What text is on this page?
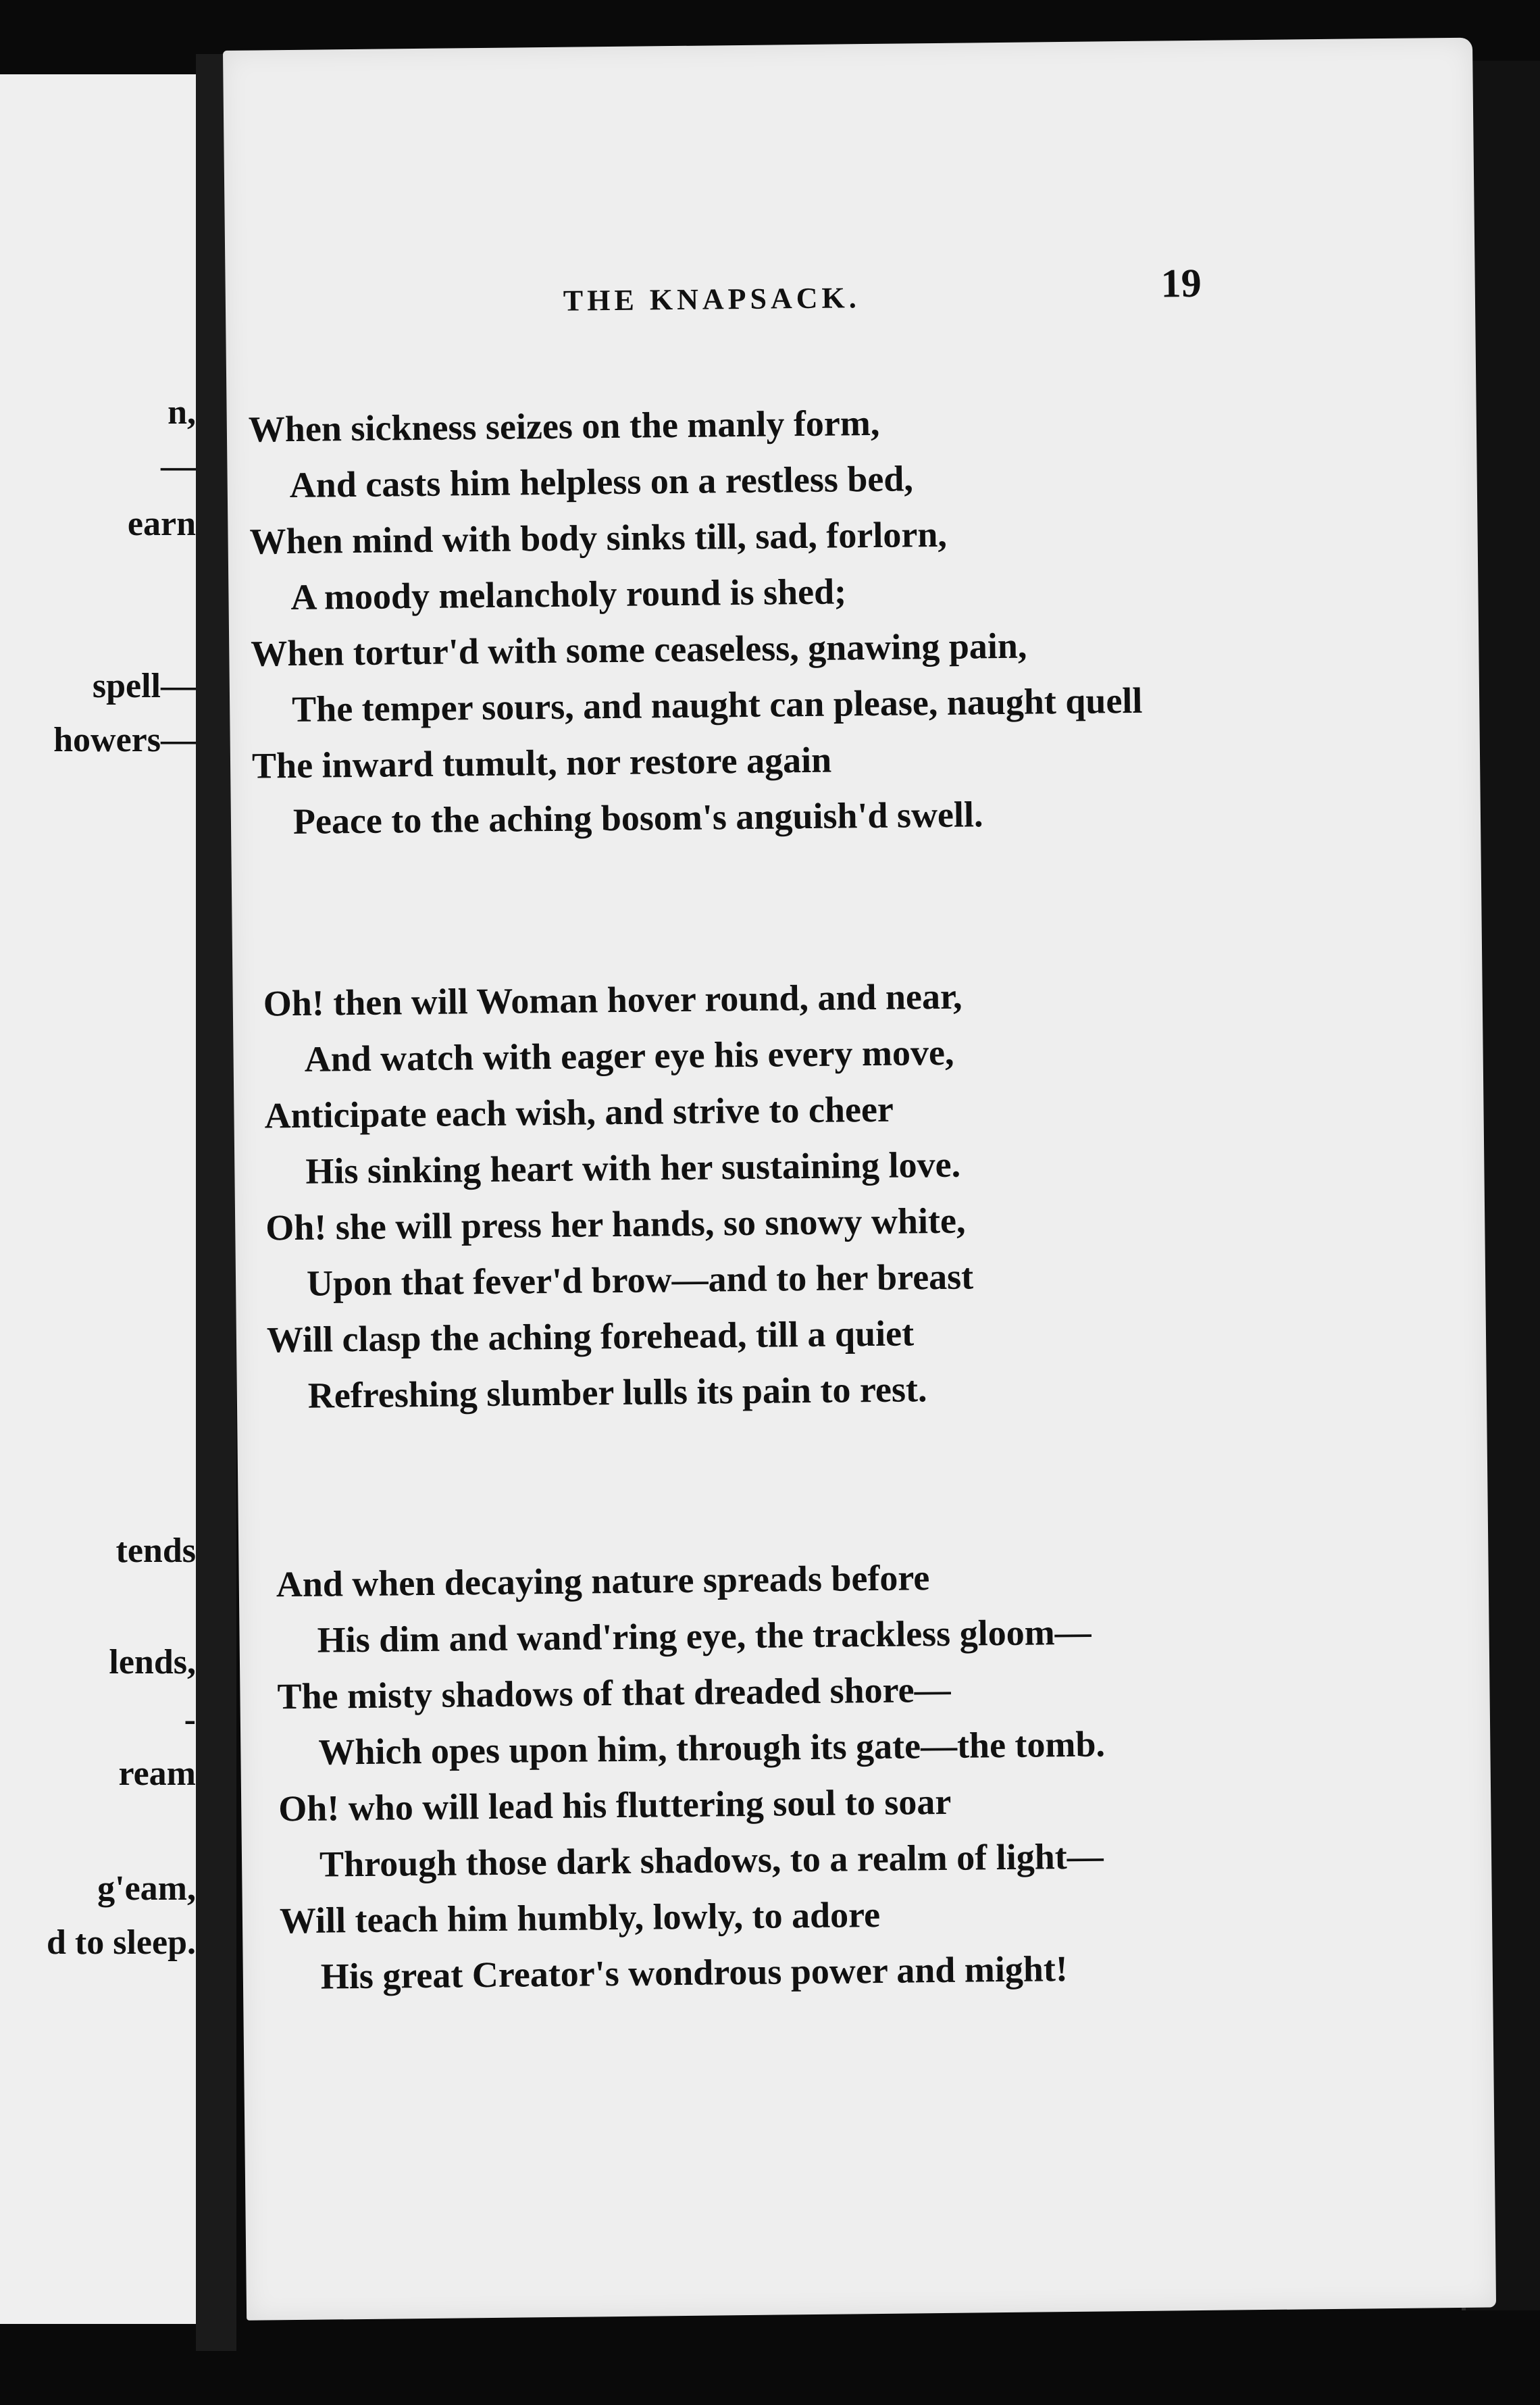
n,
—
earn
spell—
howers—
tends
lends,
-
ream
g'eam,
d to sleep.
THE KNAPSACK.	19
When sickness seizes on the manly form,
And casts him helpless on a restless bed,
When mind with body sinks till, sad, forlorn,
A moody melancholy round is shed;
When tortur'd with some ceaseless, gnawing pain,
The temper sours, and naught can please, naught quell
The inward tumult, nor restore again
Peace to the aching bosom's anguish'd swell.
Oh! then will Woman hover round, and near,
And watch with eager eye his every move,
Anticipate each wish, and strive to cheer
His sinking heart with her sustaining love.
Oh! she will press her hands, so snowy white,
Upon that fever'd brow—and to her breast
Will clasp the aching forehead, till a quiet
Refreshing slumber lulls its pain to rest.
And when decaying nature spreads before
His dim and wand'ring eye, the trackless gloom—
The misty shadows of that dreaded shore—
Which opes upon him, through its gate—the tomb.
Oh! who will lead his fluttering soul to soar
Through those dark shadows, to a realm of light—
Will teach him humbly, lowly, to adore
His great Creator's wondrous power and might!
